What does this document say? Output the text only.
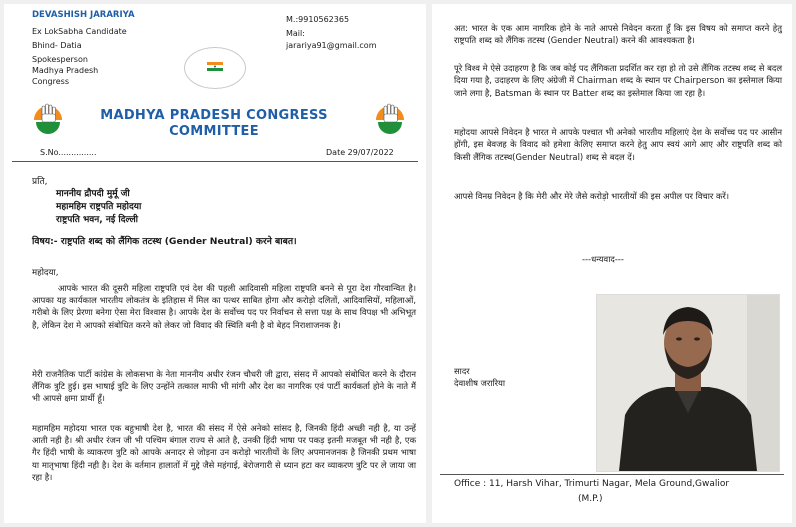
DEVASHISH JARARIYA
Ex LokSabha Candidate
Bhind- Datia
Spokesperson
Madhya Pradesh
Congress
M.:9910562365
Mail:
jarariya91@gmail.com
MADHYA PRADESH CONGRESS
COMMITTEE
S.No...............	Date 29/07/2022
प्रति,
माननीय द्रौपदी मुर्मू जी
महामहिम राष्ट्रपति महोदया
राष्ट्रपति भवन, नई दिल्ली
विषय:- राष्ट्रपति शब्द को लैंगिक तटस्थ (Gender Neutral) करने बाबत।
महोदया,
आपके भारत की दूसरी महिला राष्ट्रपति एवं देश की पहली आदिवासी महिला राष्ट्रपति बनने से पूरा देश गौरवान्वित है। आपका यह कार्यकाल भारतीय लोकतंत्र के इतिहास में मिल का पत्थर साबित होगा और करोड़ो दलितों, आदिवासियों, महिलाओं, गरीबो के लिए प्रेरणा बनेगा ऐसा मेरा विश्वास है। आपके देश के सर्वोच्च पद पर निर्वाचन से सत्ता पक्ष के साथ विपक्ष भी अभिभूत है, लेकिन देश मे आपको संबोधित करने को लेकर जो विवाद की स्थिति बनी है वो बेहद निराशाजनक है।
मेरी राजनैतिक पार्टी कांग्रेस के लोकसभा के नेता माननीय अधीर रंजन चौधरी जी द्वारा, संसद में आपको संबोधित करने के दौरान लैंगिक त्रुटि हुई। इस भाषाई त्रुटि के लिए उन्होंने तत्काल माफी भी मांगी और देश का नागरिक एवं पार्टी कार्यकर्ता होने के नाते मैं भी आपसे क्षमा प्रार्थी हूँ।
महामहिम महोदया भारत एक बहुभाषी देश है, भारत की संसद में ऐसे अनेको सांसद है, जिनकी हिंदी अच्छी नही है, या उन्हें आती नही है। श्री अधीर रंजन जी भी पश्चिम बंगाल राज्य से आते है, उनकी हिंदी भाषा पर पकड़ इतनी मजबूत भी नही है, एक गैर हिंदी भाषी के व्याकरण त्रुटि को आपके अनादर से जोड़ना उन करोड़ो भारतीयों के लिए अपमानजनक है जिनकी प्रथम भाषा या मातृभाषा हिंदी नही है। देश के वर्तमान हालातों में मुद्दे जैसे महंगाई, बेरोजगारी से ध्यान हटा कर व्याकरण त्रुटि पर ले जाया जा रहा है।
अत: भारत के एक आम नागरिक होने के नाते आपसे निवेदन करता हूँ कि इस विषय को समाप्त करने हेतु राष्ट्रपति शब्द को लैंगिक तटस्थ (Gender Neutral) करने की आवश्यकता है।
पूरे विश्व मे ऐसे उदाहरण है कि जब कोई पद लैंगिकता प्रदर्शित कर रहा हो तो उसे लैंगिक तटस्थ शब्द से बदल दिया गया है, उदाहरण के लिए अंग्रेजी में Chairman शब्द के स्थान पर Chairperson का इस्तेमाल किया जाने लगा है, Batsman के स्थान पर Batter शब्द का इस्तेमाल किया जा रहा है।
महोदया आपसे निवेदन है भारत मे आपके पश्चात भी अनेको भारतीय महिलाएं देश के सर्वोच्च पद पर आसीन होंगी, इस बेवजह के विवाद को हमेशा केलिए समाप्त करने हेतु आप स्वयं आगे आए और राष्ट्रपति शब्द को किसी लैंगिक तटस्थ(Gender Neutral) शब्द से बदल दें।
आपसे विनम्र निवेदन है कि मेरी और मेरे जैसे करोड़ो भारतीयों की इस अपील पर विचार करें।
---धन्यवाद---
सादर
देवाशीष जरारिया
Office : 11, Harsh Vihar, Trimurti Nagar, Mela Ground,Gwalior
(M.P.)
